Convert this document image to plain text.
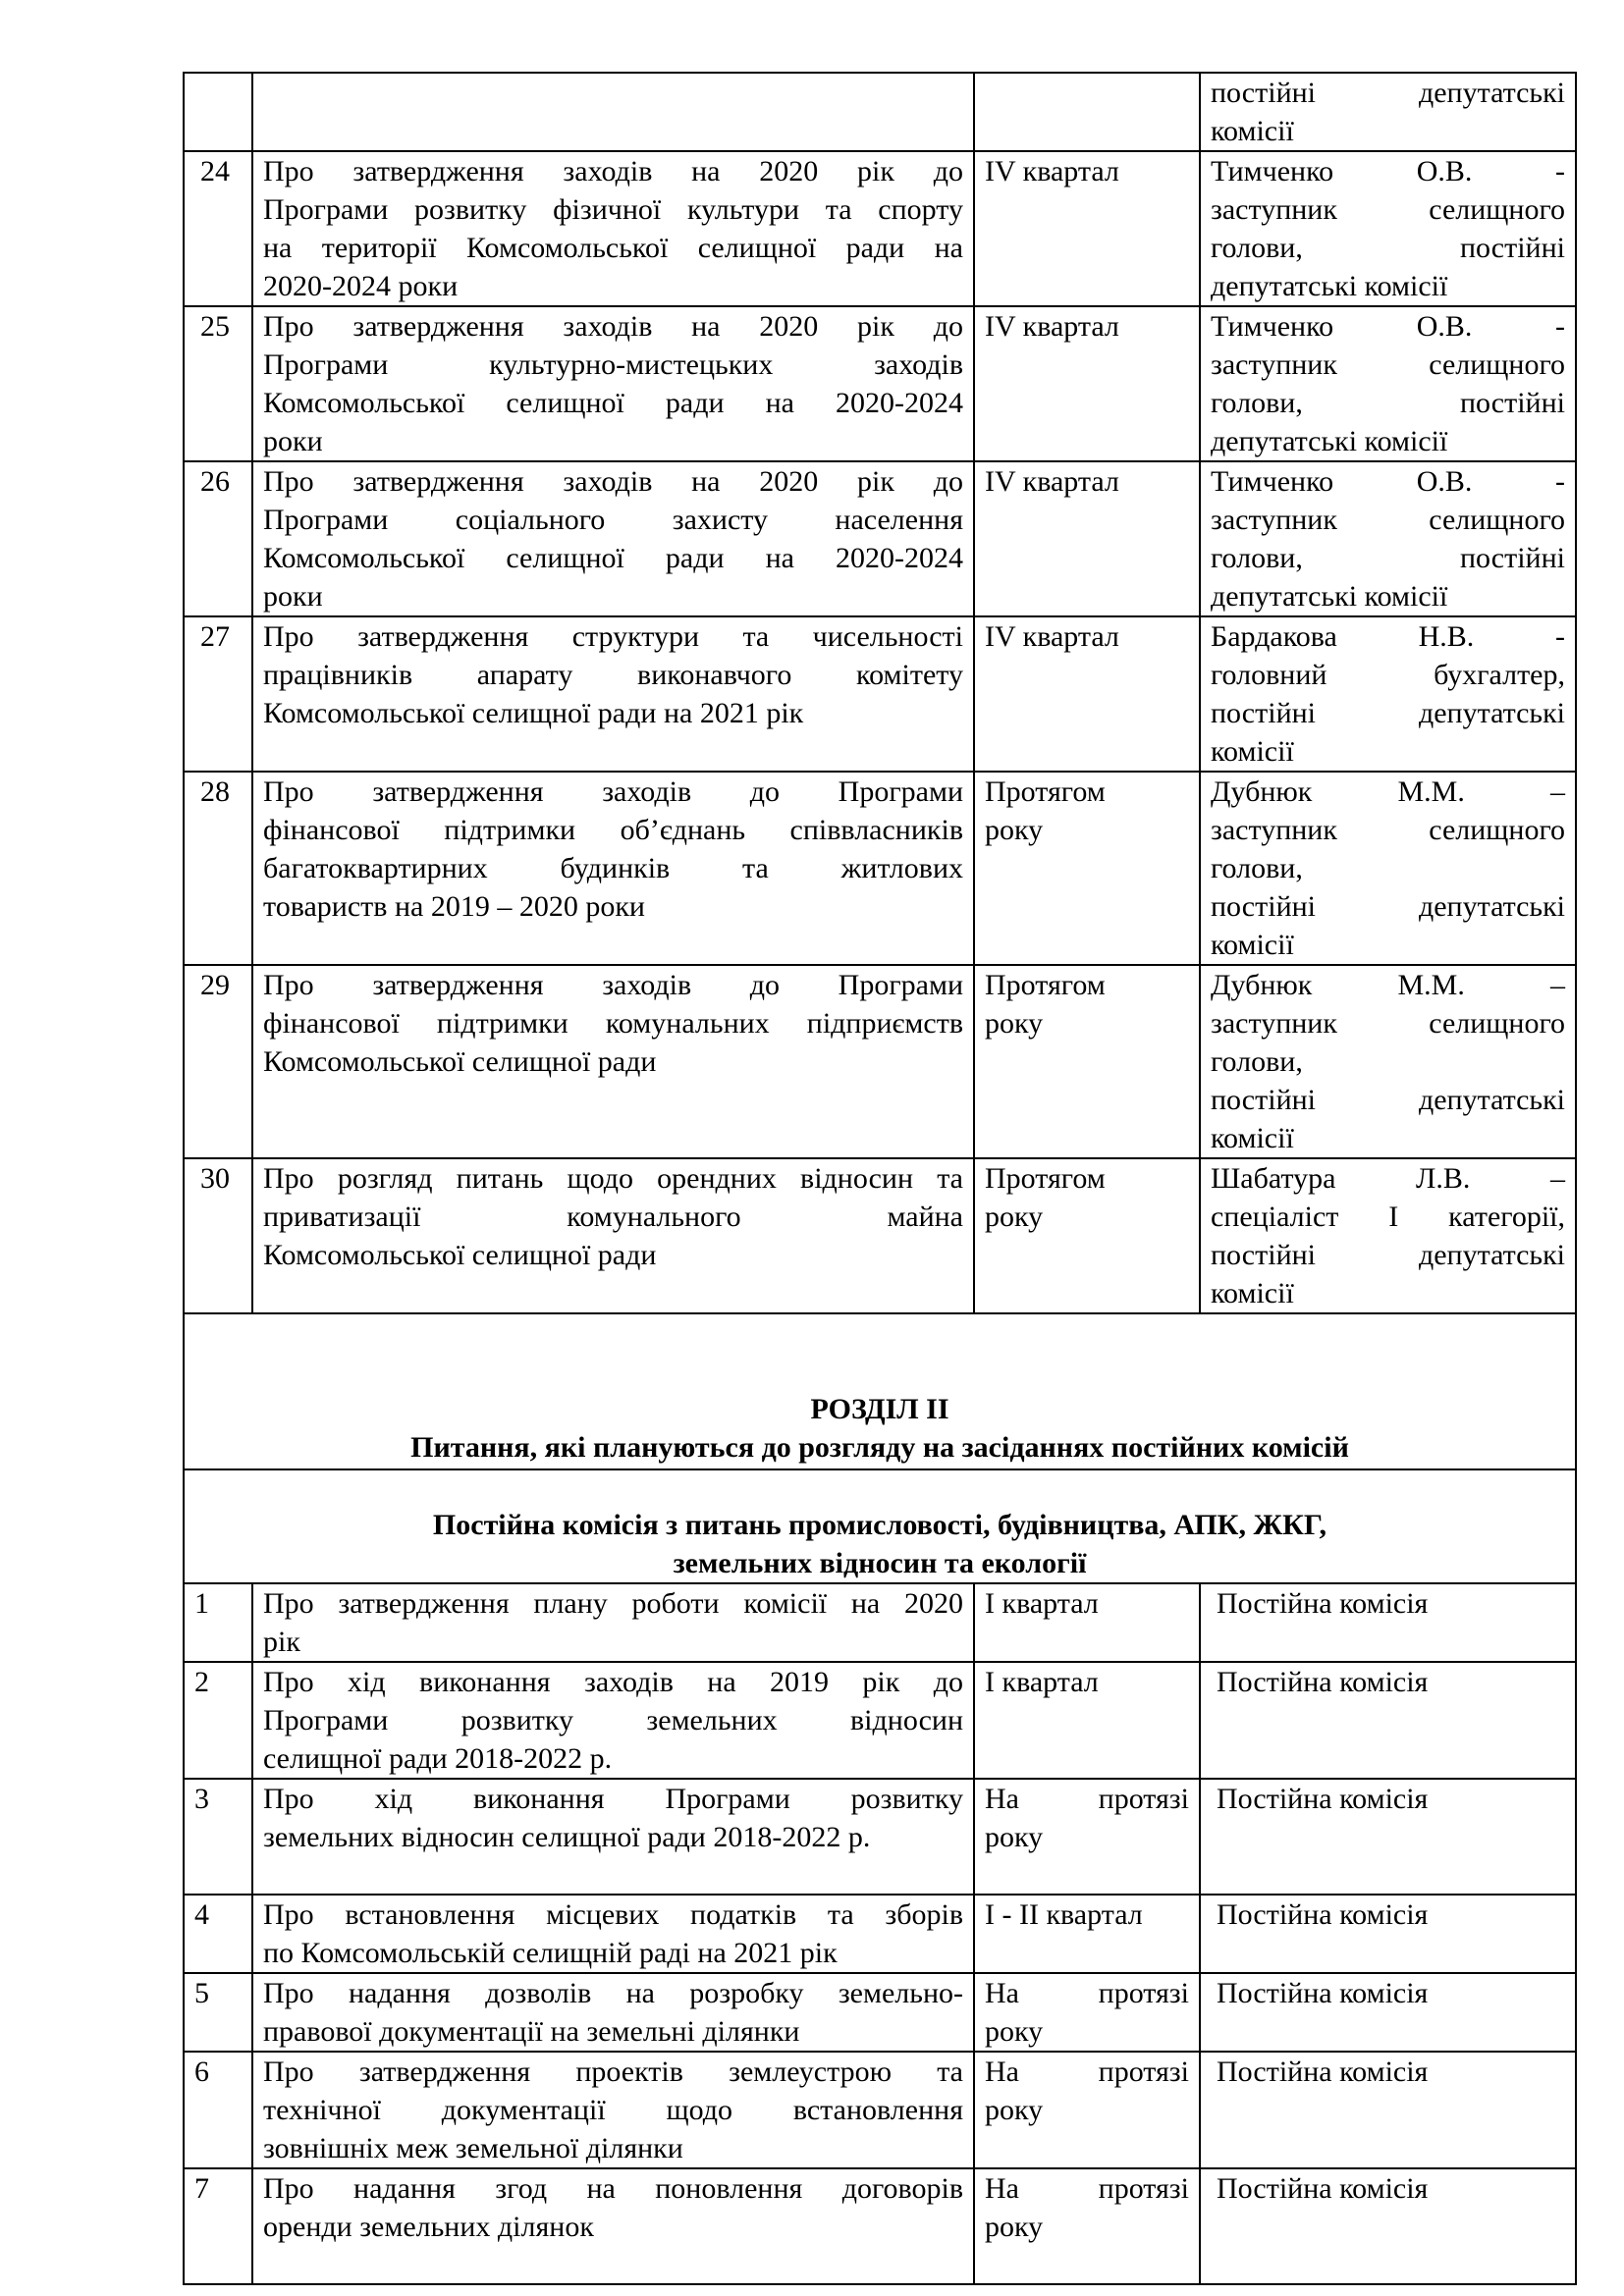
			постійні депутатські
комісії

24	Про затвердження заходів на 2020 рік до
Програми розвитку фізичної культури та спорту
на території Комсомольської селищної ради на
2020-2024 роки	IV квартал	Тимченко О.В. -
заступник селищного
голови, постійні
депутатські комісії

25	Про затвердження заходів на 2020 рік до
Програми культурно-мистецьких заходів
Комсомольської селищної ради на 2020-2024
роки	IV квартал	Тимченко О.В. -
заступник селищного
голови, постійні
депутатські комісії

26	Про затвердження заходів на 2020 рік до
Програми соціального захисту населення
Комсомольської селищної ради на 2020-2024
роки	IV квартал	Тимченко О.В. -
заступник селищного
голови, постійні
депутатські комісії

27	Про затвердження структури та чисельності
працівників апарату виконавчого комітету
Комсомольської селищної ради на 2021 рік	IV квартал	Бардакова Н.В. -
головний бухгалтер,
постійні депутатські
комісії

28	Про затвердження заходів до Програми
фінансової підтримки об’єднань співвласників
багатоквартирних будинків та житлових
товариств на 2019 – 2020 роки	Протягом
року	Дубнюк М.М. –
заступник селищного
голови,
постійні депутатські
комісії

29	Про затвердження заходів до Програми
фінансової підтримки комунальних підприємств
Комсомольської селищної ради	Протягом
року	Дубнюк М.М. –
заступник селищного
голови,
постійні депутатські
комісії

30	Про розгляд питань щодо орендних відносин та
приватизації комунального майна
Комсомольської селищної ради	Протягом
року	Шабатура Л.В. –
спеціаліст І категорії,
постійні депутатські
комісії

РОЗДІЛ ІІ
Питання, які плануються до розгляду на засіданнях постійних комісій			

Постійна комісія з питань промисловості, будівництва, АПК, ЖКГ,
земельних відносин та екології			

1	Про затвердження плану роботи комісії на 2020
рік	І квартал	Постійна комісія

2	Про хід виконання заходів на 2019 рік до
Програми розвитку земельних відносин
селищної ради 2018-2022 р.	І квартал	Постійна комісія

3	Про хід виконання Програми розвитку
земельних відносин селищної ради 2018-2022 р.	На протязі
року	Постійна комісія

4	Про встановлення місцевих податків та зборів
по Комсомольській селищній раді на 2021 рік	І - ІІ квартал	Постійна комісія

5	Про надання дозволів на розробку земельно-
правової документації на земельні ділянки	На протязі
року	Постійна комісія

6	Про затвердження проектів землеустрою та
технічної документації щодо встановлення
зовнішніх меж земельної ділянки	На протязі
року	Постійна комісія

7	Про надання згод на поновлення договорів
оренди земельних ділянок	На протязі
року	Постійна комісія
